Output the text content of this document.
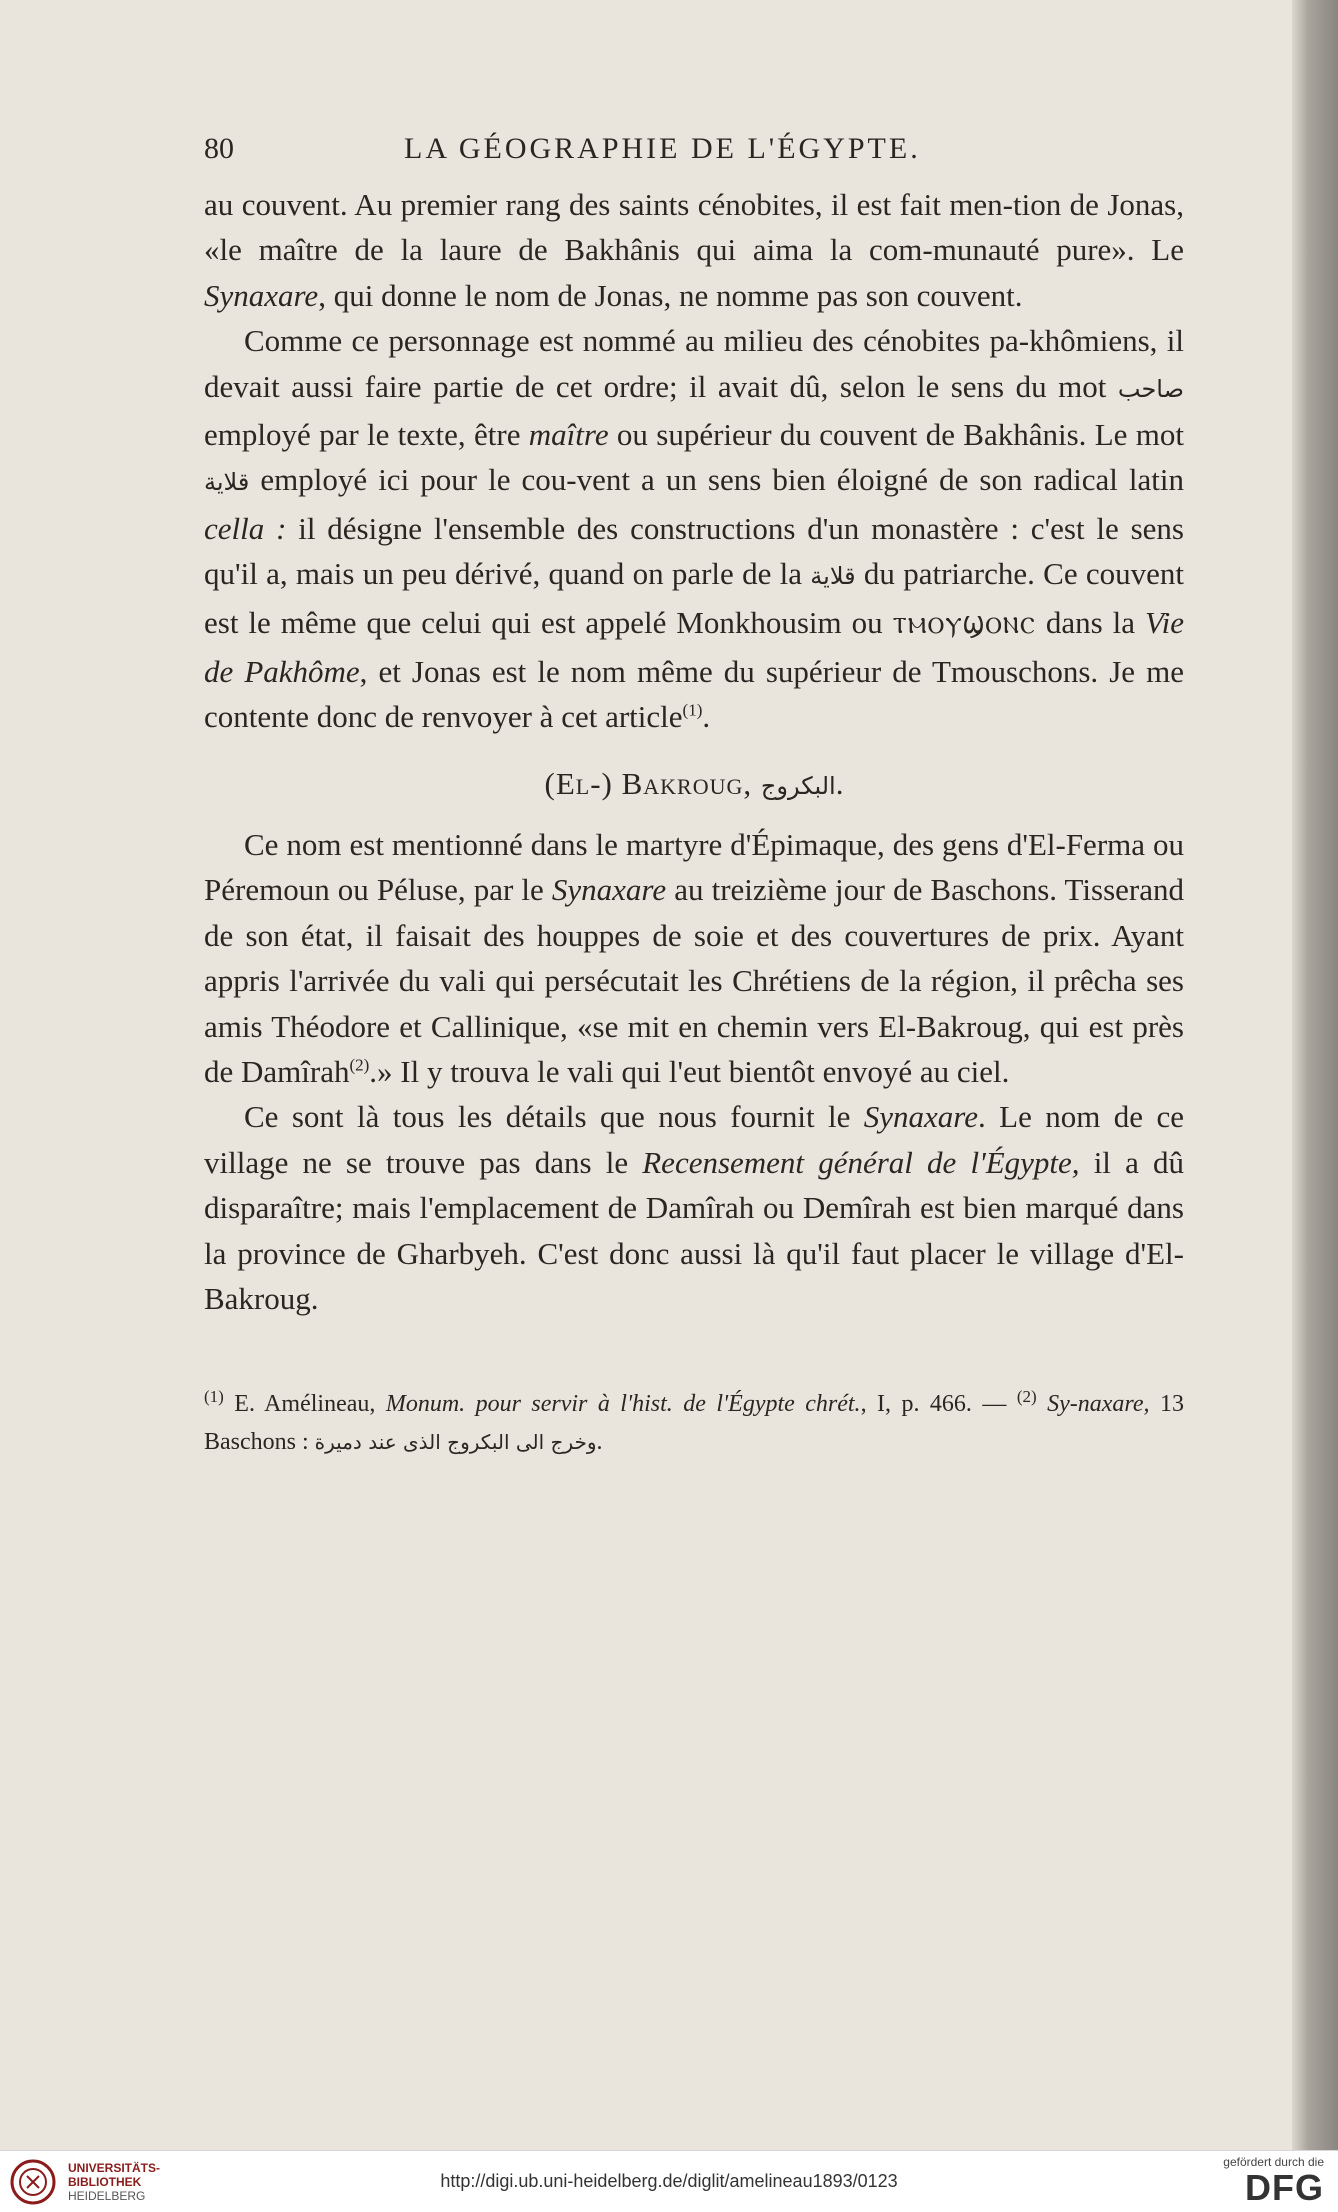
80	LA GÉOGRAPHIE DE L'ÉGYPTE.

au couvent. Au premier rang des saints cénobites, il est fait men-tion de Jonas, «le maître de la laure de Bakhânis qui aima la com-munauté pure». Le Synaxare, qui donne le nom de Jonas, ne nomme pas son couvent.

Comme ce personnage est nommé au milieu des cénobites pa-khômiens, il devait aussi faire partie de cet ordre; il avait dû, selon le sens du mot صاحب employé par le texte, être maître ou supérieur du couvent de Bakhânis. Le mot قلاية employé ici pour le cou-vent a un sens bien éloigné de son radical latin cella : il désigne l'ensemble des constructions d'un monastère : c'est le sens qu'il a, mais un peu dérivé, quand on parle de la قلاية du patriarche. Ce couvent est le même que celui qui est appelé Monkhousim ou ⲦⲘⲞⲨϢⲞⲚⲤ dans la Vie de Pakhôme, et Jonas est le nom même du supérieur de Tmouschons. Je me contente donc de renvoyer à cet article$^{(1)}$.

(El-) Bakroug, البكروج.

Ce nom est mentionné dans le martyre d'Épimaque, des gens d'El-Ferma ou Péremoun ou Péluse, par le Synaxare au treizième jour de Baschons. Tisserand de son état, il faisait des houppes de soie et des couvertures de prix. Ayant appris l'arrivée du vali qui persécutait les Chrétiens de la région, il prêcha ses amis Théodore et Callinique, «se mit en chemin vers El-Bakroug, qui est près de Damîrah$^{(2)}$.» Il y trouva le vali qui l'eut bientôt envoyé au ciel.

Ce sont là tous les détails que nous fournit le Synaxare. Le nom de ce village ne se trouve pas dans le Recensement général de l'Égypte, il a dû disparaître; mais l'emplacement de Damîrah ou Demîrah est bien marqué dans la province de Gharbyeh. C'est donc aussi là qu'il faut placer le village d'El-Bakroug.

$^{(1)}$ E. Amélineau, Monum. pour servir à l'hist. de l'Égypte chrét., I, p. 466. — $^{(2)}$ Sy-naxare, 13 Baschons : وخرج الى البكروج الذى عند دميرة.
UNIVERSITÄTS-
BIBLIOTHEK
HEIDELBERG
http://digi.ub.uni-heidelberg.de/diglit/amelineau1893/0123
gefördert durch die
DFG
